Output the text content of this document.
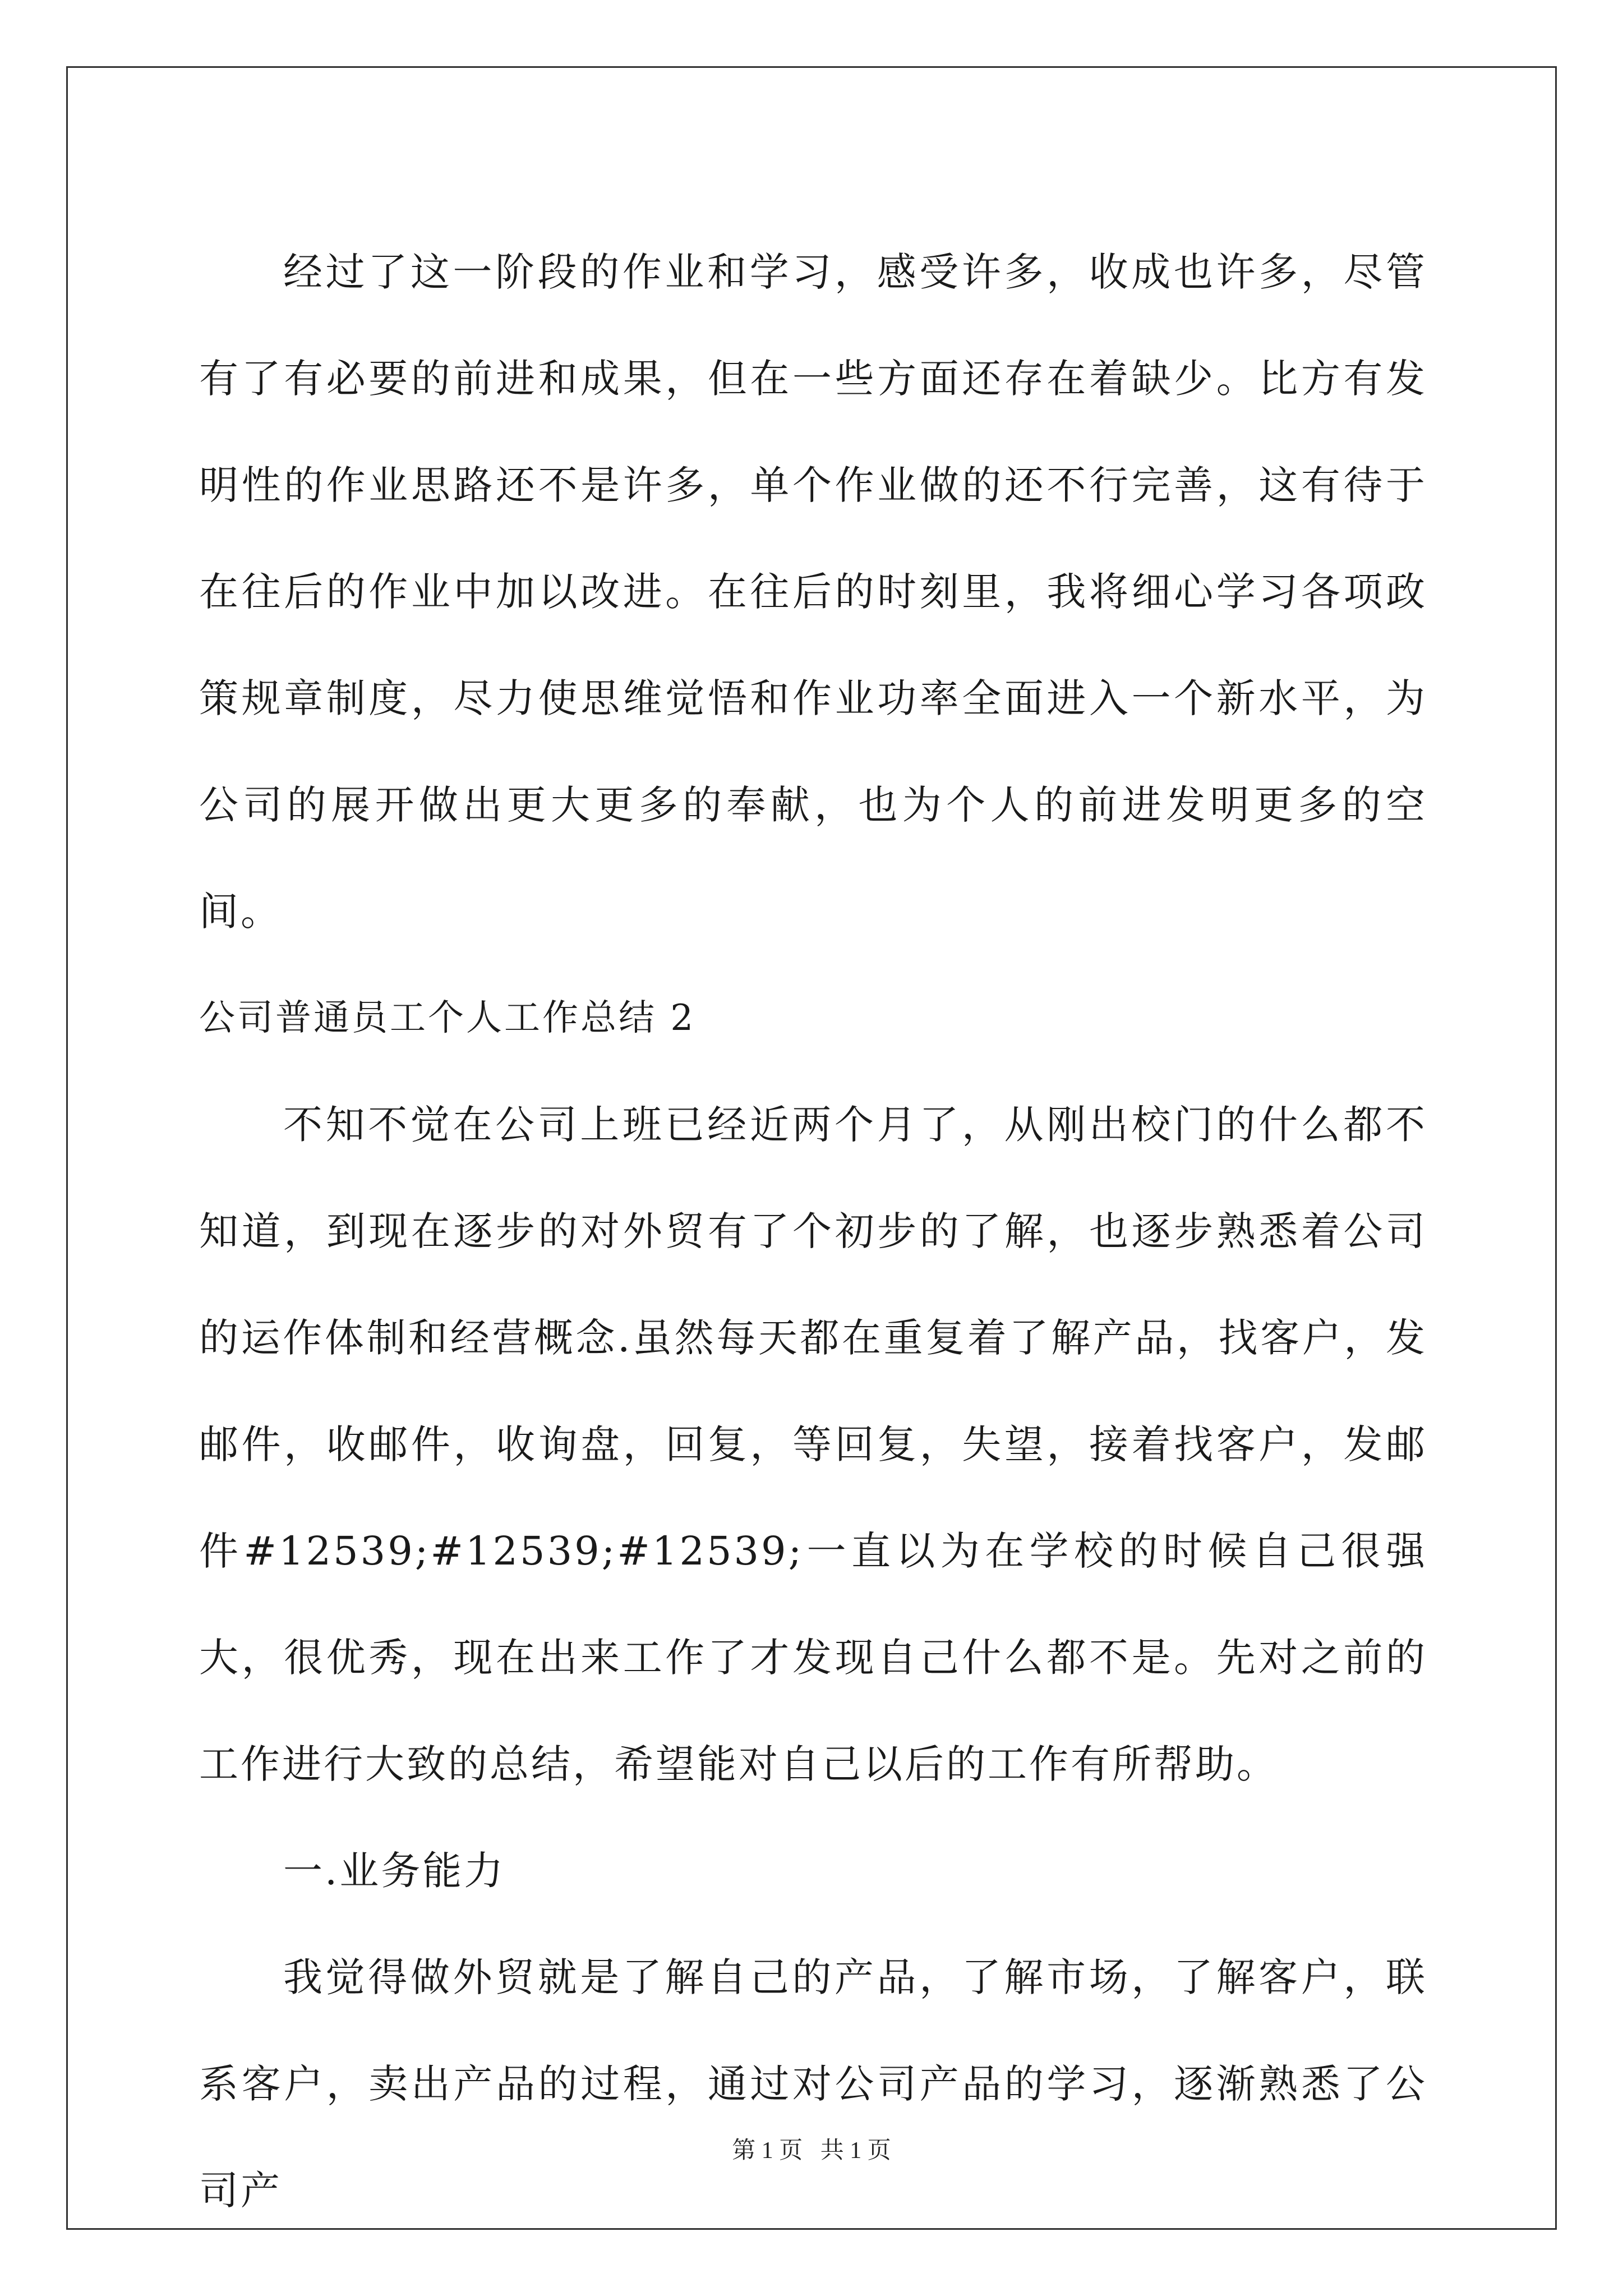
经过了这一阶段的作业和学习，感受许多，收成也许多，尽管有了有必要的前进和成果，但在一些方面还存在着缺少。比方有发明性的作业思路还不是许多，单个作业做的还不行完善，这有待于在往后的作业中加以改进。在往后的时刻里，我将细心学习各项政策规章制度，尽力使思维觉悟和作业功率全面进入一个新水平，为公司的展开做出更大更多的奉献，也为个人的前进发明更多的空间。

公司普通员工个人工作总结 2

不知不觉在公司上班已经近两个月了，从刚出校门的什么都不知道，到现在逐步的对外贸有了个初步的了解，也逐步熟悉着公司的运作体制和经营概念.虽然每天都在重复着了解产品，找客户，发邮件，收邮件，收询盘，回复，等回复，失望，接着找客户，发邮件#12539;#12539;#12539;一直以为在学校的时候自己很强大，很优秀，现在出来工作了才发现自己什么都不是。先对之前的工作进行大致的总结，希望能对自己以后的工作有所帮助。

一.业务能力

我觉得做外贸就是了解自己的产品，了解市场，了解客户，联系客户，卖出产品的过程，通过对公司产品的学习，逐渐熟悉了公司产

第 1 页   共 1 页
